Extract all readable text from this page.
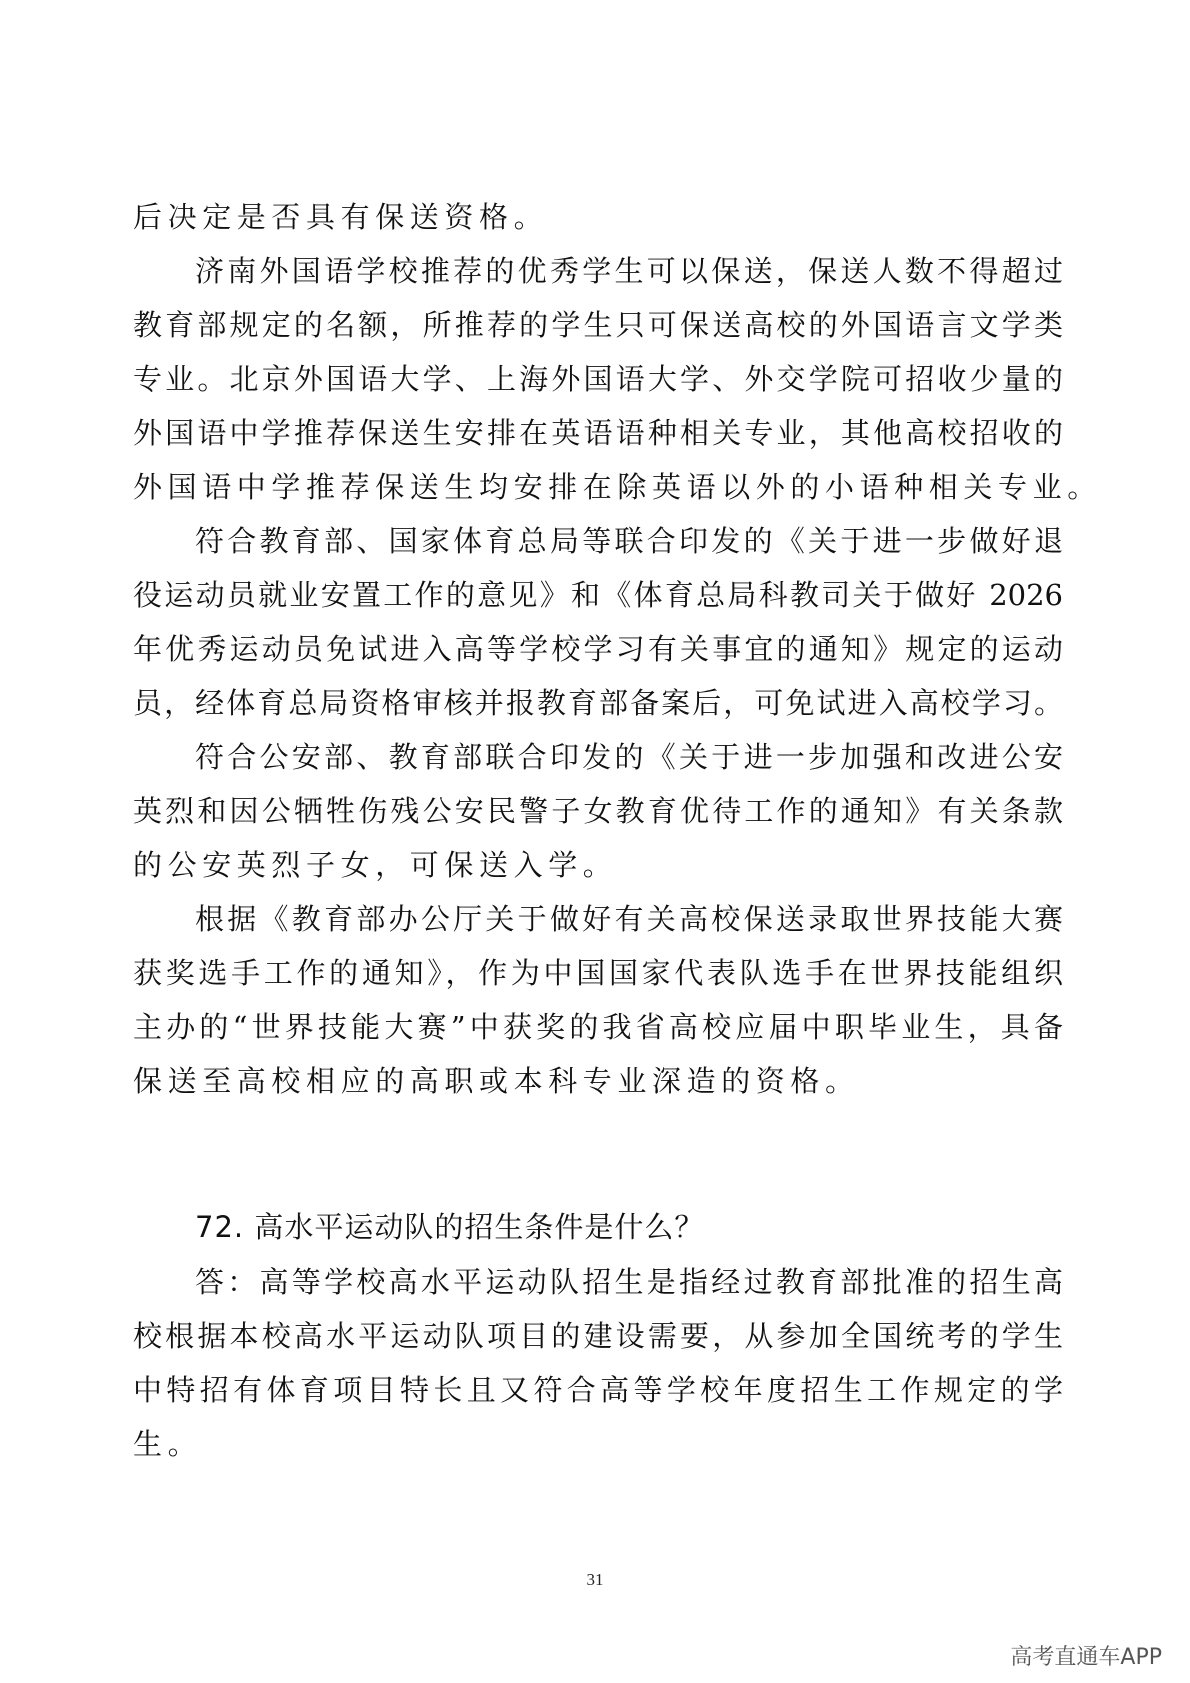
后决定是否具有保送资格。
济南外国语学校推荐的优秀学生可以保送，保送人数不得超过
教育部规定的名额，所推荐的学生只可保送高校的外国语言文学类
专业。北京外国语大学、上海外国语大学、外交学院可招收少量的
外国语中学推荐保送生安排在英语语种相关专业，其他高校招收的
外国语中学推荐保送生均安排在除英语以外的小语种相关专业。
符合教育部、国家体育总局等联合印发的《关于进一步做好退
役运动员就业安置工作的意见》和《体育总局科教司关于做好 2026
年优秀运动员免试进入高等学校学习有关事宜的通知》规定的运动
员，经体育总局资格审核并报教育部备案后，可免试进入高校学习。
符合公安部、教育部联合印发的《关于进一步加强和改进公安
英烈和因公牺牲伤残公安民警子女教育优待工作的通知》有关条款
的公安英烈子女，可保送入学。
根据《教育部办公厅关于做好有关高校保送录取世界技能大赛
获奖选手工作的通知》，作为中国国家代表队选手在世界技能组织
主办的“世界技能大赛”中获奖的我省高校应届中职毕业生，具备
保送至高校相应的高职或本科专业深造的资格。
72. 高水平运动队的招生条件是什么？
答：高等学校高水平运动队招生是指经过教育部批准的招生高
校根据本校高水平运动队项目的建设需要，从参加全国统考的学生
中特招有体育项目特长且又符合高等学校年度招生工作规定的学
生。
31
高考直通车APP
